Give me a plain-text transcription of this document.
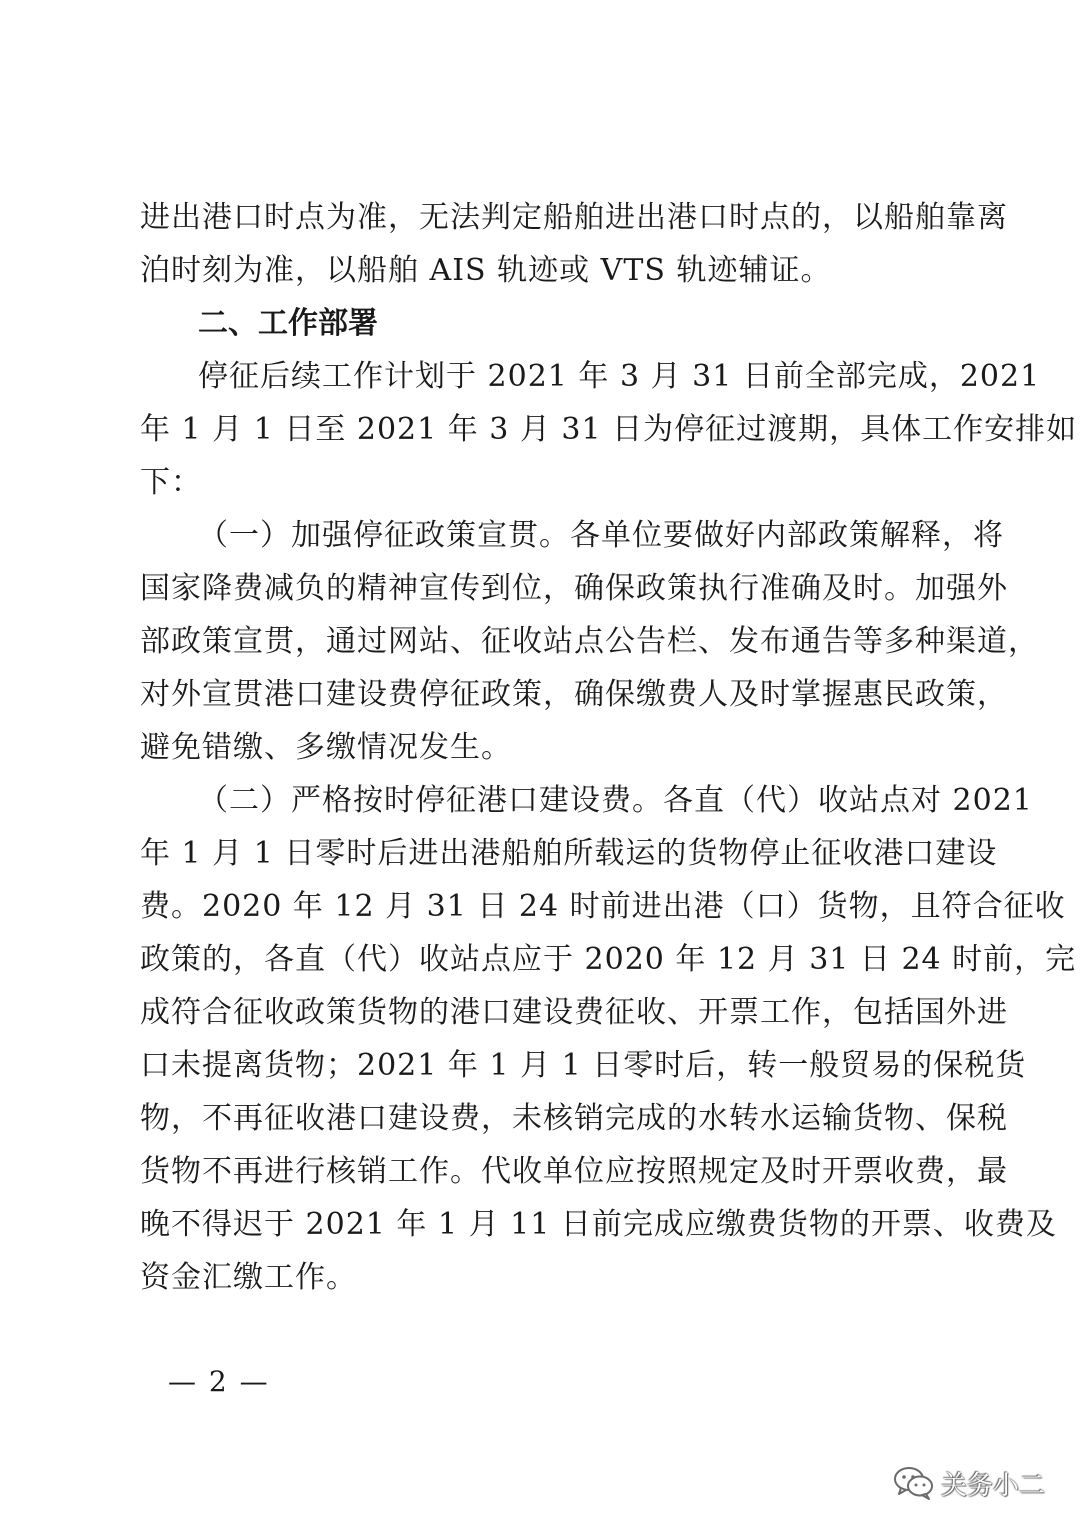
进出港口时点为准，无法判定船舶进出港口时点的，以船舶靠离
泊时刻为准，以船舶 AIS 轨迹或 VTS 轨迹辅证。
二、工作部署
停征后续工作计划于 2021 年 3 月 31 日前全部完成，2021
年 1 月 1 日至 2021 年 3 月 31 日为停征过渡期，具体工作安排如
下：
（一）加强停征政策宣贯。各单位要做好内部政策解释，将
国家降费减负的精神宣传到位，确保政策执行准确及时。加强外
部政策宣贯，通过网站、征收站点公告栏、发布通告等多种渠道，
对外宣贯港口建设费停征政策，确保缴费人及时掌握惠民政策，
避免错缴、多缴情况发生。
（二）严格按时停征港口建设费。各直（代）收站点对 2021
年 1 月 1 日零时后进出港船舶所载运的货物停止征收港口建设
费。2020 年 12 月 31 日 24 时前进出港（口）货物，且符合征收
政策的，各直（代）收站点应于 2020 年 12 月 31 日 24 时前，完
成符合征收政策货物的港口建设费征收、开票工作，包括国外进
口未提离货物；2021 年 1 月 1 日零时后，转一般贸易的保税货
物，不再征收港口建设费，未核销完成的水转水运输货物、保税
货物不再进行核销工作。代收单位应按照规定及时开票收费，最
晚不得迟于 2021 年 1 月 11 日前完成应缴费货物的开票、收费及
资金汇缴工作。
— 2 —
关务小二
